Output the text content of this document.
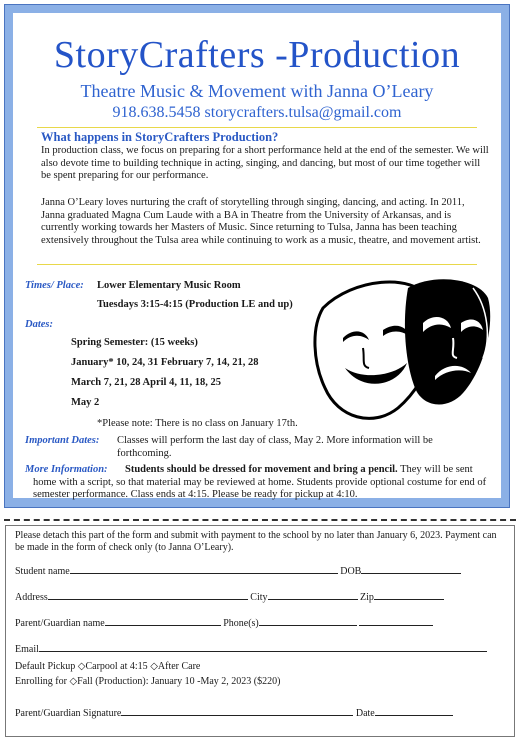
StoryCrafters -Production
Theatre Music & Movement with Janna O’Leary
918.638.5458 storycrafters.tulsa@gmail.com
What happens in StoryCrafters Production?
In production class, we focus on preparing for a short performance held at the end of the semester. We will also devote time to building technique in acting, singing, and dancing, but most of our time together will be spent preparing for our performance.
Janna O’Leary loves nurturing the craft of storytelling through singing, dancing, and acting. In 2011, Janna graduated Magna Cum Laude with a BA in Theatre from the University of Arkansas, and is currently working towards her Masters of Music. Since returning to Tulsa, Janna has been teaching extensively throughout the Tulsa area while continuing to work as a music, theatre, and movement artist.
Times/ Place: Lower Elementary Music Room
Tuesdays 3:15-4:15 (Production LE and up)
Dates:
Spring Semester: (15 weeks)
January* 10, 24, 31 February 7, 14, 21, 28
March 7, 21, 28 April 4, 11, 18, 25
May 2
*Please note: There is no class on January 17th.
Important Dates: Classes will perform the last day of class, May 2. More information will be forthcoming.
More Information:	Students should be dressed for movement and bring a pencil. They will be sent home with a script, so that material may be reviewed at home. Students provide optional costume for end of semester performance. Class ends at 4:15. Please be ready for pickup at 4:10.
Please detach this part of the form and submit with payment to the school by no later than January 6, 2023. Payment can be made in the form of check only (to Janna O’Leary).
Student name	DOB
Address	City	Zip
Parent/Guardian name	Phone(s)
Email
Default Pickup ◇Carpool at 4:15 ◇After Care
Enrolling for ◇Fall (Production): January 10 -May 2, 2023 ($220)
Parent/Guardian Signature	Date
